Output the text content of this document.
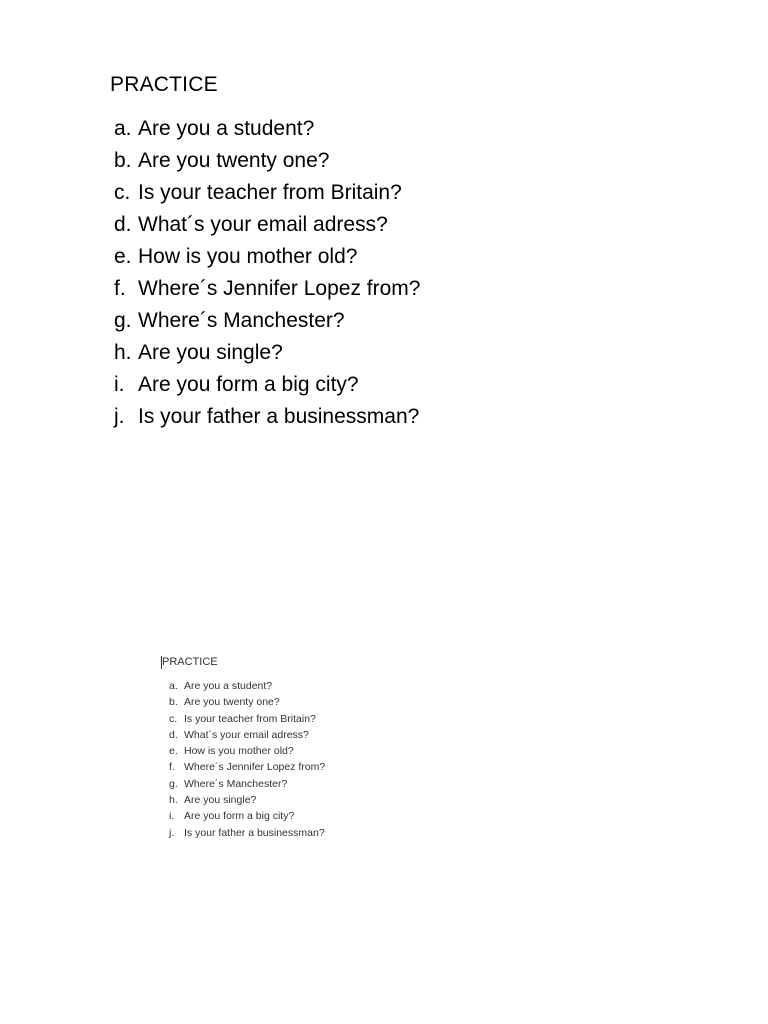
PRACTICE
a. Are you a student?
b. Are you twenty one?
c. Is your teacher from Britain?
d. What´s your email adress?
e. How is you mother old?
f. Where´s Jennifer Lopez from?
g. Where´s Manchester?
h. Are you single?
i. Are you form a big city?
j. Is your father a businessman?
PRACTICE
a. Are you a student?
b. Are you twenty one?
c. Is your teacher from Britain?
d. What´s your email adress?
e. How is you mother old?
f. Where´s Jennifer Lopez from?
g. Where´s Manchester?
h. Are you single?
i. Are you form a big city?
j. Is your father a businessman?
